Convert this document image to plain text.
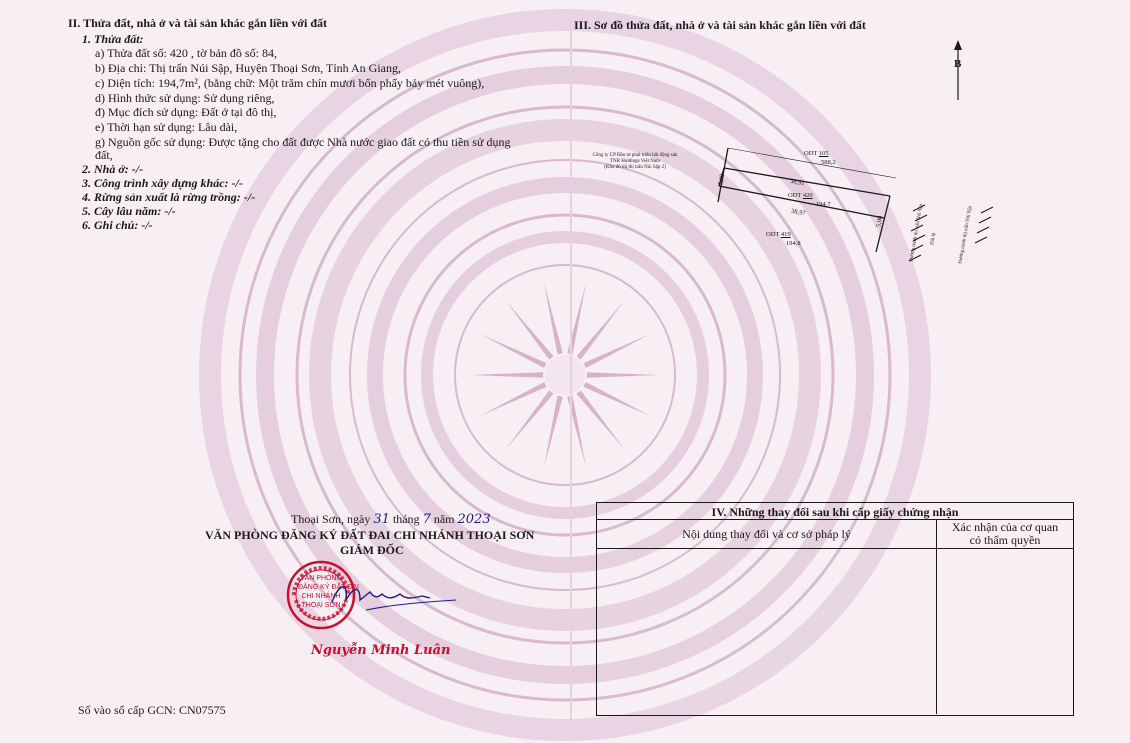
II. Thửa đất, nhà ở và tài sản khác gắn liền với đất
1. Thửa đất:
a) Thửa đất số: 420 , tờ bản đồ số: 84,
b) Địa chỉ: Thị trấn Núi Sập, Huyện Thoại Sơn, Tỉnh An Giang,
c) Diện tích: 194,7m², (bằng chữ: Một trăm chín mươi bốn phẩy bảy mét vuông),
d) Hình thức sử dụng: Sử dụng riêng,
đ) Mục đích sử dụng: Đất ở tại đô thị,
e) Thời hạn sử dụng: Lâu dài,
g) Nguồn gốc sử dụng: Được tặng cho đất được Nhà nước giao đất có thu tiền sử dụng
đất,
2. Nhà ở: -/-
3. Công trình xây dựng khác: -/-
4. Rừng sản xuất là rừng trồng: -/-
5. Cây lâu năm: -/-
6. Ghi chú: -/-
Thoại Sơn, ngày 31 tháng 7 năm 2023
VĂN PHÒNG ĐĂNG KÝ ĐẤT ĐAI CHI NHÁNH THOẠI SƠN
GIÁM ĐỐC
VĂN PHÒNG
ĐĂNG KÝ ĐẤT ĐAI
CHI NHÁNH
THOẠI SƠN
Nguyễn Minh Luân
Số vào sổ cấp GCN: CN07575
III. Sơ đồ thửa đất, nhà ở và tài sản khác gắn liền với đất
B
Công ty CP Đầu tư phát triển bất động sản
TNR Holdings Việt Nam
(Khu đô thị thị trấn Núi Sập 2)
ODT 105
588,2
ODT 420
194,7
ODT 419
194,8
5,00	38,91
38,97
5,00	Đường tránh thị trấn Núi Sập Đất lộ	Đường tránh thị trấn Núi Sập
IV. Những thay đổi sau khi cấp giấy chứng nhận
Nội dung thay đổi và cơ sở pháp lý	Xác nhận của cơ quan
có thẩm quyền
